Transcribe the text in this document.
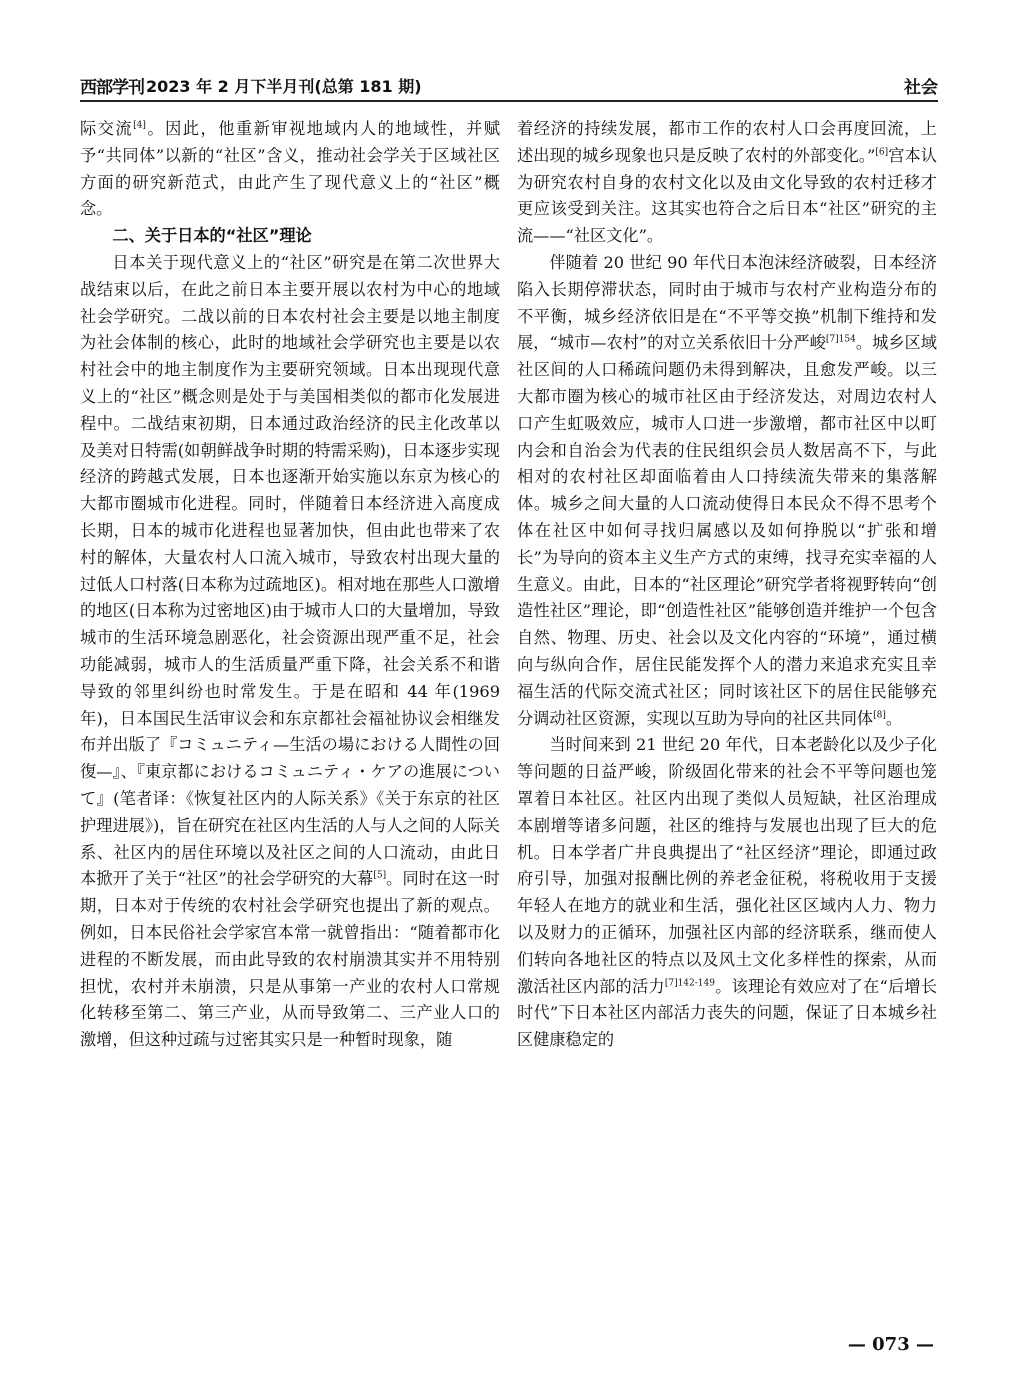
西部学刊 2023 年 2 月下半月刊(总第 181 期)	社会

际交流[4]。因此，他重新审视地域内人的地域性，并赋予“共同体”以新的“社区”含义，推动社会学关于区域社区方面的研究新范式，由此产生了现代意义上的“社区”概念。

二、关于日本的“社区”理论

日本关于现代意义上的“社区”研究是在第二次世界大战结束以后，在此之前日本主要开展以农村为中心的地域社会学研究。二战以前的日本农村社会主要是以地主制度为社会体制的核心，此时的地域社会学研究也主要是以农村社会中的地主制度作为主要研究领域。日本出现现代意义上的“社区”概念则是处于与美国相类似的都市化发展进程中。二战结束初期，日本通过政治经济的民主化改革以及美对日特需(如朝鲜战争时期的特需采购)，日本逐步实现经济的跨越式发展，日本也逐渐开始实施以东京为核心的大都市圈城市化进程。同时，伴随着日本经济进入高度成长期，日本的城市化进程也显著加快，但由此也带来了农村的解体，大量农村人口流入城市，导致农村出现大量的过低人口村落(日本称为过疏地区)。相对地在那些人口激增的地区(日本称为过密地区)由于城市人口的大量增加，导致城市的生活环境急剧恶化，社会资源出现严重不足，社会功能减弱，城市人的生活质量严重下降，社会关系不和谐导致的邻里纠纷也时常发生。于是在昭和 44 年(1969 年)，日本国民生活审议会和东京都社会福祉协议会相继发布并出版了『コミュニティ—生活の場における人間性の回復—』、『東京都におけるコミュニティ・ケアの進展について』(笔者译：《恢复社区内的人际关系》《关于东京的社区护理进展》)，旨在研究在社区内生活的人与人之间的人际关系、社区内的居住环境以及社区之间的人口流动，由此日本掀开了关于“社区”的社会学研究的大幕[5]。同时在这一时期，日本对于传统的农村社会学研究也提出了新的观点。例如，日本民俗社会学家宫本常一就曾指出：“随着都市化进程的不断发展，而由此导致的农村崩溃其实并不用特别担忧，农村并未崩溃，只是从事第一产业的农村人口常规化转移至第二、第三产业，从而导致第二、三产业人口的激增，但这种过疏与过密其实只是一种暂时现象，随

着经济的持续发展，都市工作的农村人口会再度回流，上述出现的城乡现象也只是反映了农村的外部变化。”[6]宫本认为研究农村自身的农村文化以及由文化导致的农村迁移才更应该受到关注。这其实也符合之后日本“社区”研究的主流——“社区文化”。

伴随着 20 世纪 90 年代日本泡沫经济破裂，日本经济陷入长期停滞状态，同时由于城市与农村产业构造分布的不平衡，城乡经济依旧是在“不平等交换”机制下维持和发展，“城市—农村”的对立关系依旧十分严峻$^{[7]154}$。城乡区域社区间的人口稀疏问题仍未得到解决，且愈发严峻。以三大都市圈为核心的城市社区由于经济发达，对周边农村人口产生虹吸效应，城市人口进一步激增，都市社区中以町内会和自治会为代表的住民组织会员人数居高不下，与此相对的农村社区却面临着由人口持续流失带来的集落解体。城乡之间大量的人口流动使得日本民众不得不思考个体在社区中如何寻找归属感以及如何挣脱以“扩张和增长”为导向的资本主义生产方式的束缚，找寻充实幸福的人生意义。由此，日本的“社区理论”研究学者将视野转向“创造性社区”理论，即“创造性社区”能够创造并维护一个包含自然、物理、历史、社会以及文化内容的“环境”，通过横向与纵向合作，居住民能发挥个人的潜力来追求充实且幸福生活的代际交流式社区；同时该社区下的居住民能够充分调动社区资源，实现以互助为导向的社区共同体[8]。

当时间来到 21 世纪 20 年代，日本老龄化以及少子化等问题的日益严峻，阶级固化带来的社会不平等问题也笼罩着日本社区。社区内出现了类似人员短缺，社区治理成本剧增等诸多问题，社区的维持与发展也出现了巨大的危机。日本学者广井良典提出了“社区经济”理论，即通过政府引导，加强对报酬比例的养老金征税，将税收用于支援年轻人在地方的就业和生活，强化社区区域内人力、物力以及财力的正循环，加强社区内部的经济联系，继而使人们转向各地社区的特点以及风土文化多样性的探索，从而激活社区内部的活力$^{[7]142-149}$。该理论有效应对了在“后增长时代”下日本社区内部活力丧失的问题，保证了日本城乡社区健康稳定的

— 073 —
